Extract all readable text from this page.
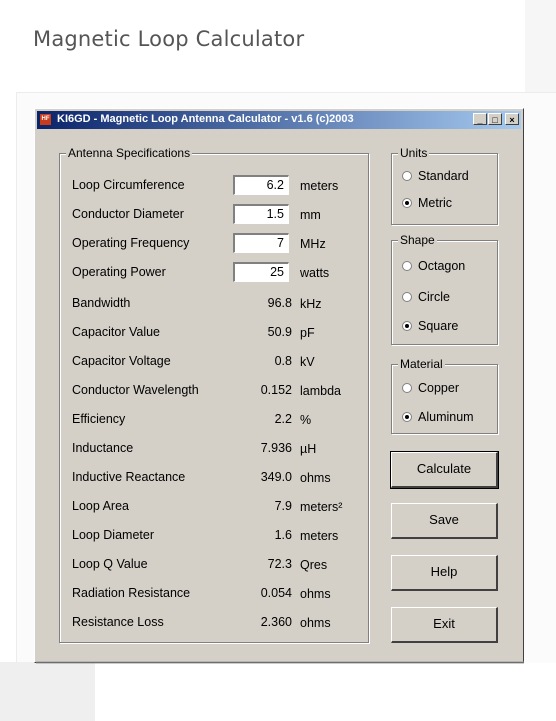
Magnetic Loop Calculator
HF KI6GD - Magnetic Loop Antenna Calculator - v1.6 (c)2003	_	□	×
Antenna Specifications
Loop Circumference	6.2	meters
Conductor Diameter	1.5	mm
Operating Frequency	7	MHz
Operating Power	25	watts
Bandwidth	96.8 kHz
Capacitor Value	50.9 pF
Capacitor Voltage	0.8 kV
Conductor Wavelength	0.152 lambda
Efficiency	2.2 %
Inductance	7.936 µH
Inductive Reactance	349.0 ohms
Loop Area	7.9 meters²
Loop Diameter	1.6 meters
Loop Q Value	72.3 Qres
Radiation Resistance	0.054 ohms
Resistance Loss	2.360 ohms
Units
Standard
Metric
Shape
Octagon
Circle
Square
Material
Copper
Aluminum
Calculate
Save
Help
Exit
